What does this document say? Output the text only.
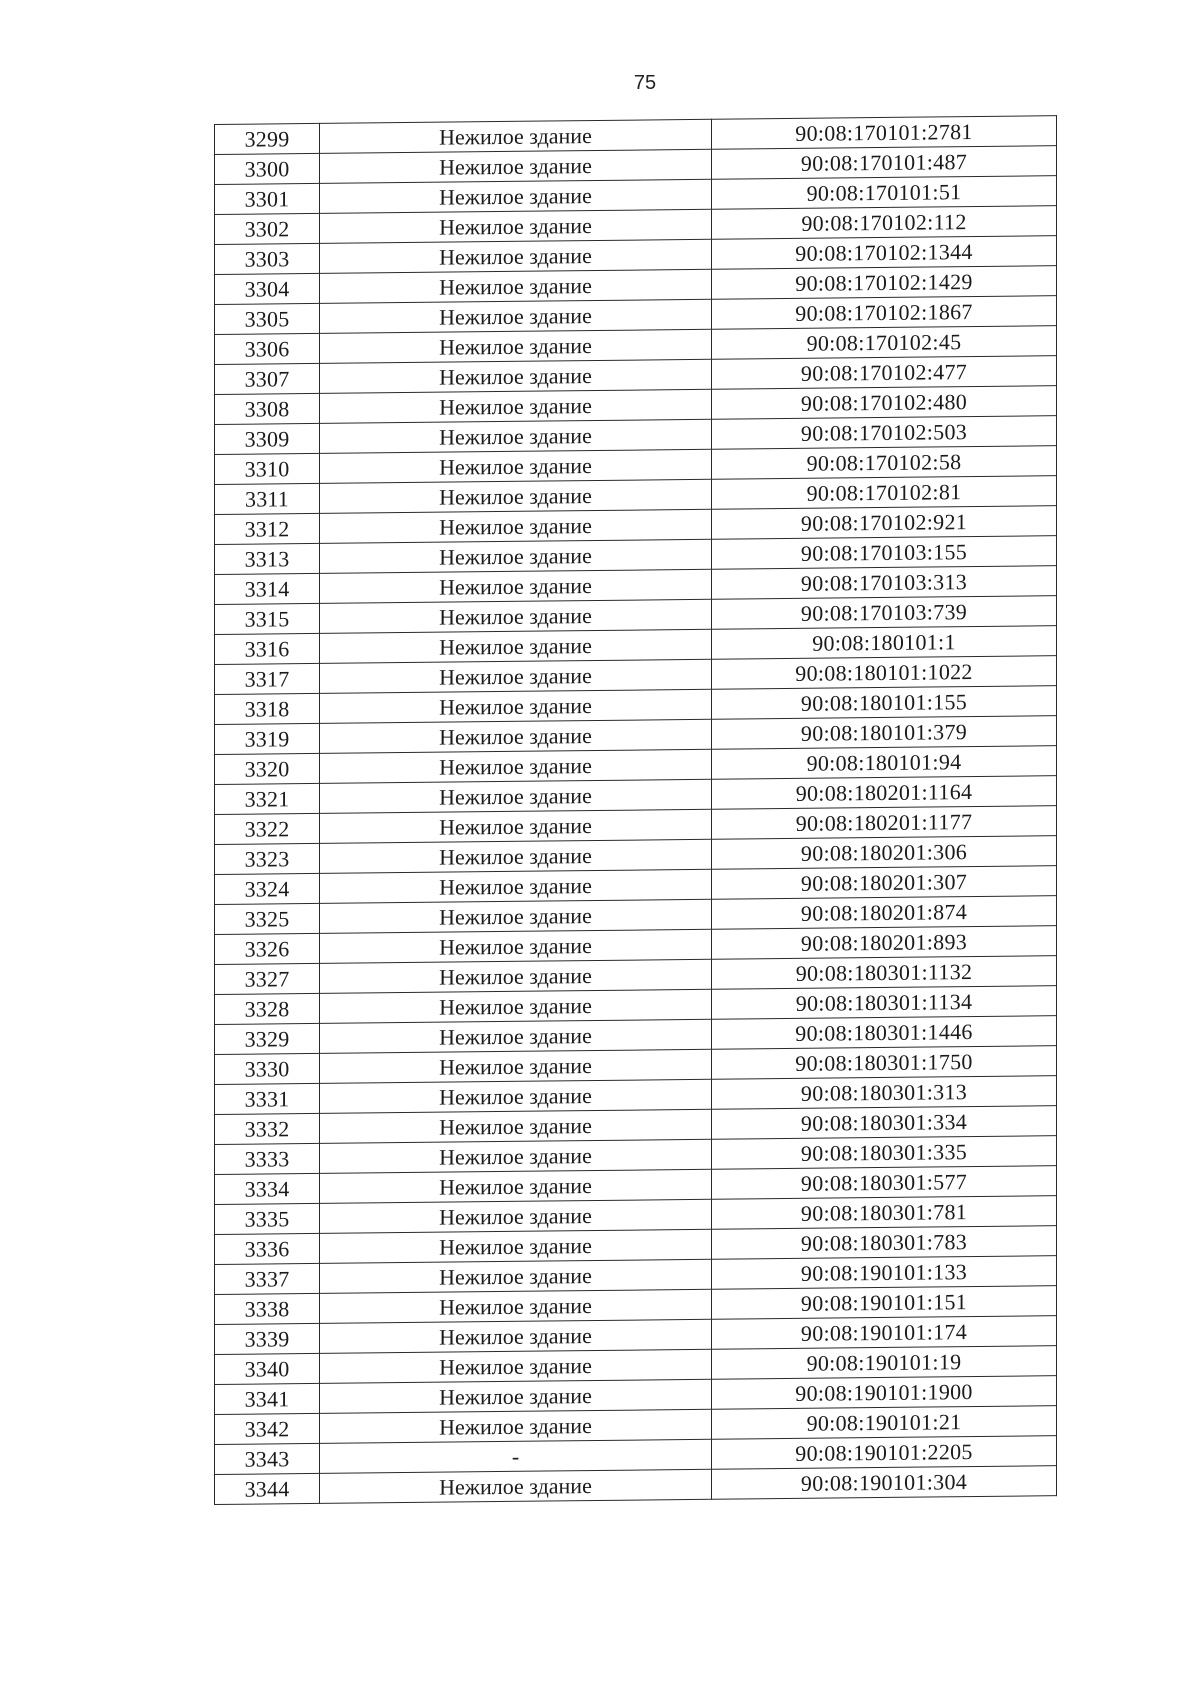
75
3299	Нежилое здание	90:08:170101:2781
3300	Нежилое здание	90:08:170101:487
3301	Нежилое здание	90:08:170101:51
3302	Нежилое здание	90:08:170102:112
3303	Нежилое здание	90:08:170102:1344
3304	Нежилое здание	90:08:170102:1429
3305	Нежилое здание	90:08:170102:1867
3306	Нежилое здание	90:08:170102:45
3307	Нежилое здание	90:08:170102:477
3308	Нежилое здание	90:08:170102:480
3309	Нежилое здание	90:08:170102:503
3310	Нежилое здание	90:08:170102:58
3311	Нежилое здание	90:08:170102:81
3312	Нежилое здание	90:08:170102:921
3313	Нежилое здание	90:08:170103:155
3314	Нежилое здание	90:08:170103:313
3315	Нежилое здание	90:08:170103:739
3316	Нежилое здание	90:08:180101:1
3317	Нежилое здание	90:08:180101:1022
3318	Нежилое здание	90:08:180101:155
3319	Нежилое здание	90:08:180101:379
3320	Нежилое здание	90:08:180101:94
3321	Нежилое здание	90:08:180201:1164
3322	Нежилое здание	90:08:180201:1177
3323	Нежилое здание	90:08:180201:306
3324	Нежилое здание	90:08:180201:307
3325	Нежилое здание	90:08:180201:874
3326	Нежилое здание	90:08:180201:893
3327	Нежилое здание	90:08:180301:1132
3328	Нежилое здание	90:08:180301:1134
3329	Нежилое здание	90:08:180301:1446
3330	Нежилое здание	90:08:180301:1750
3331	Нежилое здание	90:08:180301:313
3332	Нежилое здание	90:08:180301:334
3333	Нежилое здание	90:08:180301:335
3334	Нежилое здание	90:08:180301:577
3335	Нежилое здание	90:08:180301:781
3336	Нежилое здание	90:08:180301:783
3337	Нежилое здание	90:08:190101:133
3338	Нежилое здание	90:08:190101:151
3339	Нежилое здание	90:08:190101:174
3340	Нежилое здание	90:08:190101:19
3341	Нежилое здание	90:08:190101:1900
3342	Нежилое здание	90:08:190101:21
3343	-	90:08:190101:2205
3344	Нежилое здание	90:08:190101:304
